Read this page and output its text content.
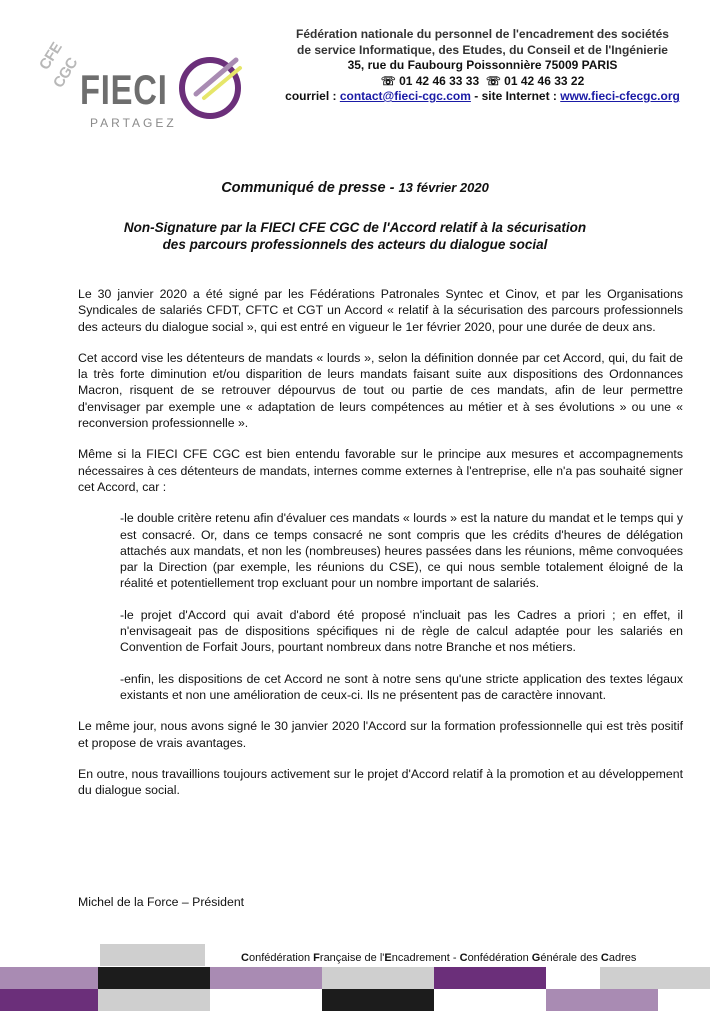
CFE
CGC
FIECI
PARTAGEZ
Fédération nationale du personnel de l'encadrement des sociétés
de service Informatique, des Etudes, du Conseil et de l'Ingénierie
35, rue du Faubourg Poissonnière 75009 PARIS
☏ 01 42 46 33 33 ☏ 01 42 46 33 22
courriel : contact@fieci-cgc.com - site Internet : www.fieci-cfecgc.org
Communiqué de presse - 13 février 2020
Non-Signature par la FIECI CFE CGC de l'Accord relatif à la sécurisation
des parcours professionnels des acteurs du dialogue social

Le 30 janvier 2020 a été signé par les Fédérations Patronales Syntec et Cinov, et par les Organisations Syndicales de salariés CFDT, CFTC et CGT un Accord « relatif à la sécurisation des parcours professionnels des acteurs du dialogue social », qui est entré en vigueur le 1er février 2020, pour une durée de deux ans.

Cet accord vise les détenteurs de mandats « lourds », selon la définition donnée par cet Accord, qui, du fait de la très forte diminution et/ou disparition de leurs mandats faisant suite aux dispositions des Ordonnances Macron, risquent de se retrouver dépourvus de tout ou partie de ces mandats, afin de leur permettre d'envisager par exemple une « adaptation de leurs compétences au métier et à ses évolutions » ou une « reconversion professionnelle ».

Même si la FIECI CFE CGC est bien entendu favorable sur le principe aux mesures et accompagnements nécessaires à ces détenteurs de mandats, internes comme externes à l'entreprise, elle n'a pas souhaité signer cet Accord, car :

-le double critère retenu afin d'évaluer ces mandats « lourds » est la nature du mandat et le temps qui y est consacré. Or, dans ce temps consacré ne sont compris que les crédits d'heures de délégation attachés aux mandats, et non les (nombreuses) heures passées dans les réunions, même convoquées par la Direction (par exemple, les réunions du CSE), ce qui nous semble totalement éloigné de la réalité et potentiellement trop excluant pour un nombre important de salariés.

-le projet d'Accord qui avait d'abord été proposé n'incluait pas les Cadres a priori ; en effet, il n'envisageait pas de dispositions spécifiques ni de règle de calcul adaptée pour les salariés en Convention de Forfait Jours, pourtant nombreux dans notre Branche et nos métiers.

-enfin, les dispositions de cet Accord ne sont à notre sens qu'une stricte application des textes légaux existants et non une amélioration de ceux-ci. Ils ne présentent pas de caractère innovant.

Le même jour, nous avons signé le 30 janvier 2020 l'Accord sur la formation professionnelle qui est très positif et propose de vrais avantages.

En outre, nous travaillions toujours activement sur le projet d'Accord relatif à la promotion et au développement du dialogue social.

Michel de la Force – Président
Confédération Française de l'Encadrement - Confédération Générale des Cadres
